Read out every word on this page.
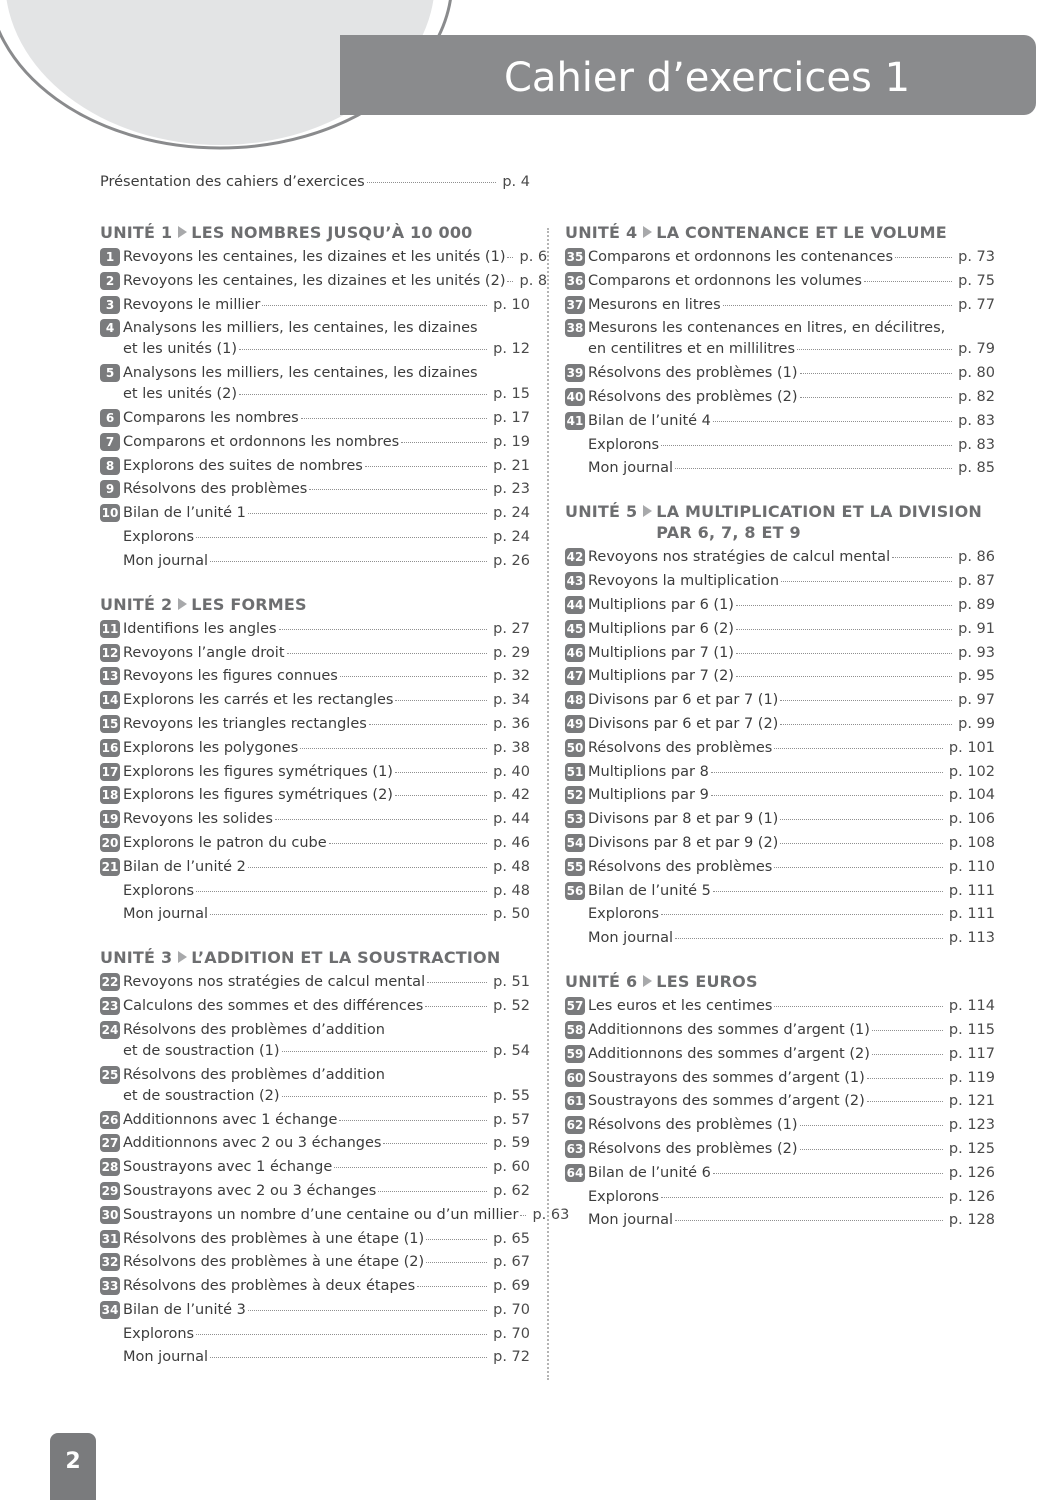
Cahier d’exercices 1
Présentation des cahiers d’exercices	p. 4
UNITÉ 1 LES NOMBRES JUSQU’À 10 000
1 Revoyons les centaines, les dizaines et les unités (1) p. 6
2 Revoyons les centaines, les dizaines et les unités (2) p. 8
3 Revoyons le millier	p. 10
4 Analysons les milliers, les centaines, les dizaines
et les unités (1)	p. 12
5 Analysons les milliers, les centaines, les dizaines
et les unités (2)	p. 15
6 Comparons les nombres	p. 17
7 Comparons et ordonnons les nombres	p. 19
8 Explorons des suites de nombres	p. 21
9 Résolvons des problèmes	p. 23
10 Bilan de l’unité 1	p. 24
Explorons	p. 24
Mon journal	p. 26
UNITÉ 2 LES FORMES
11 Identifions les angles	p. 27
12 Revoyons l’angle droit	p. 29
13 Revoyons les figures connues	p. 32
14 Explorons les carrés et les rectangles	p. 34
15 Revoyons les triangles rectangles	p. 36
16 Explorons les polygones	p. 38
17 Explorons les figures symétriques (1)	p. 40
18 Explorons les figures symétriques (2)	p. 42
19 Revoyons les solides	p. 44
20 Explorons le patron du cube	p. 46
21 Bilan de l’unité 2	p. 48
Explorons	p. 48
Mon journal	p. 50
UNITÉ 3 L’ADDITION ET LA SOUSTRACTION
22 Revoyons nos stratégies de calcul mental	p. 51
23 Calculons des sommes et des différences	p. 52
24 Résolvons des problèmes d’addition
et de soustraction (1)	p. 54
25 Résolvons des problèmes d’addition
et de soustraction (2)	p. 55
26 Additionnons avec 1 échange	p. 57
27 Additionnons avec 2 ou 3 échanges	p. 59
28 Soustrayons avec 1 échange	p. 60
29 Soustrayons avec 2 ou 3 échanges	p. 62
30 Soustrayons un nombre d’une centaine ou d’un millier p. 63
31 Résolvons des problèmes à une étape (1)	p. 65
32 Résolvons des problèmes à une étape (2)	p. 67
33 Résolvons des problèmes à deux étapes	p. 69
34 Bilan de l’unité 3	p. 70
Explorons	p. 70
Mon journal	p. 72
UNITÉ 4 LA CONTENANCE ET LE VOLUME
35 Comparons et ordonnons les contenances	p. 73
36 Comparons et ordonnons les volumes	p. 75
37 Mesurons en litres	p. 77
38 Mesurons les contenances en litres, en décilitres,
en centilitres et en millilitres	p. 79
39 Résolvons des problèmes (1)	p. 80
40 Résolvons des problèmes (2)	p. 82
41 Bilan de l’unité 4	p. 83
Explorons	p. 83
Mon journal	p. 85
UNITÉ 5 LA MULTIPLICATION ET LA DIVISION
PAR 6, 7, 8 ET 9
42 Revoyons nos stratégies de calcul mental	p. 86
43 Revoyons la multiplication	p. 87
44 Multiplions par 6 (1)	p. 89
45 Multiplions par 6 (2)	p. 91
46 Multiplions par 7 (1)	p. 93
47 Multiplions par 7 (2)	p. 95
48 Divisons par 6 et par 7 (1)	p. 97
49 Divisons par 6 et par 7 (2)	p. 99
50 Résolvons des problèmes	p. 101
51 Multiplions par 8	p. 102
52 Multiplions par 9	p. 104
53 Divisons par 8 et par 9 (1)	p. 106
54 Divisons par 8 et par 9 (2)	p. 108
55 Résolvons des problèmes	p. 110
56 Bilan de l’unité 5	p. 111
Explorons	p. 111
Mon journal	p. 113
UNITÉ 6 LES EUROS
57 Les euros et les centimes	p. 114
58 Additionnons des sommes d’argent (1)	p. 115
59 Additionnons des sommes d’argent (2)	p. 117
60 Soustrayons des sommes d’argent (1)	p. 119
61 Soustrayons des sommes d’argent (2)	p. 121
62 Résolvons des problèmes (1)	p. 123
63 Résolvons des problèmes (2)	p. 125
64 Bilan de l’unité 6	p. 126
Explorons	p. 126
Mon journal	p. 128
2
